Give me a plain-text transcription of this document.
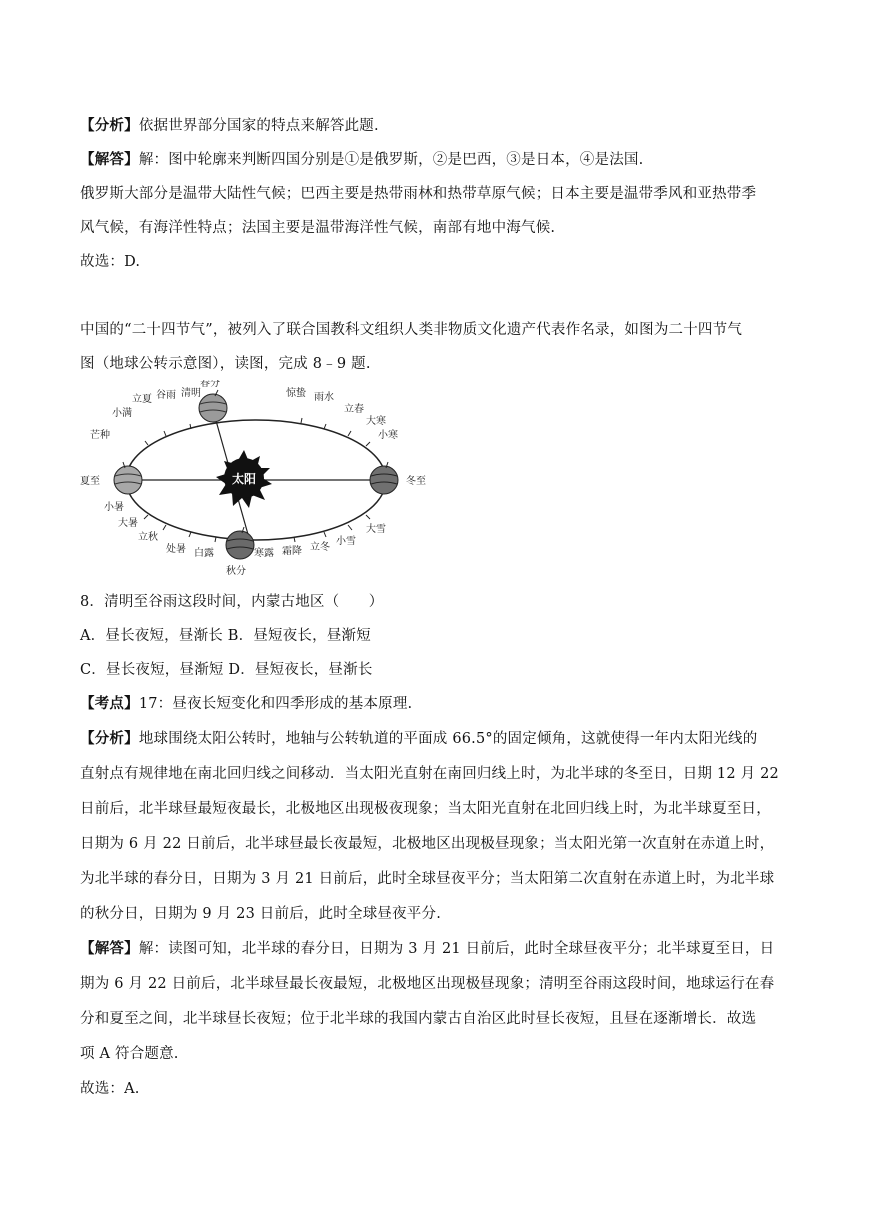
【分析】依据世界部分国家的特点来解答此题.
【解答】解：图中轮廓来判断四国分别是①是俄罗斯，②是巴西，③是日本，④是法国.
俄罗斯大部分是温带大陆性气候；巴西主要是热带雨林和热带草原气候；日本主要是温带季风和亚热带季
风气候，有海洋性特点；法国主要是温带海洋性气候，南部有地中海气候.
故选：D.
中国的“二十四节气”，被列入了联合国教科文组织人类非物质文化遗产代表作名录，如图为二十四节气
图（地球公转示意图），读图，完成 8﹣9 题.
太阳
春分
清明
谷雨
立夏
小满
芒种
夏至
小暑
大暑
立秋
处暑 白露
秋分
寒露 霜降 立冬
小雪
大雪
冬至
小寒
大寒
立春
雨水
惊蛰
8．清明至谷雨这段时间，内蒙古地区（　　）
A．昼长夜短，昼渐长 B．昼短夜长，昼渐短
C．昼长夜短，昼渐短 D．昼短夜长，昼渐长
【考点】17：昼夜长短变化和四季形成的基本原理.
【分析】地球围绕太阳公转时，地轴与公转轨道的平面成 66.5°的固定倾角，这就使得一年内太阳光线的
直射点有规律地在南北回归线之间移动．当太阳光直射在南回归线上时，为北半球的冬至日，日期 12 月 22
日前后，北半球昼最短夜最长，北极地区出现极夜现象；当太阳光直射在北回归线上时，为北半球夏至日，
日期为 6 月 22 日前后，北半球昼最长夜最短，北极地区出现极昼现象；当太阳光第一次直射在赤道上时，
为北半球的春分日，日期为 3 月 21 日前后，此时全球昼夜平分；当太阳第二次直射在赤道上时，为北半球
的秋分日，日期为 9 月 23 日前后，此时全球昼夜平分.
【解答】解：读图可知，北半球的春分日，日期为 3 月 21 日前后，此时全球昼夜平分；北半球夏至日，日
期为 6 月 22 日前后，北半球昼最长夜最短，北极地区出现极昼现象；清明至谷雨这段时间，地球运行在春
分和夏至之间，北半球昼长夜短；位于北半球的我国内蒙古自治区此时昼长夜短，且昼在逐渐增长．故选
项 A 符合题意.
故选：A.
